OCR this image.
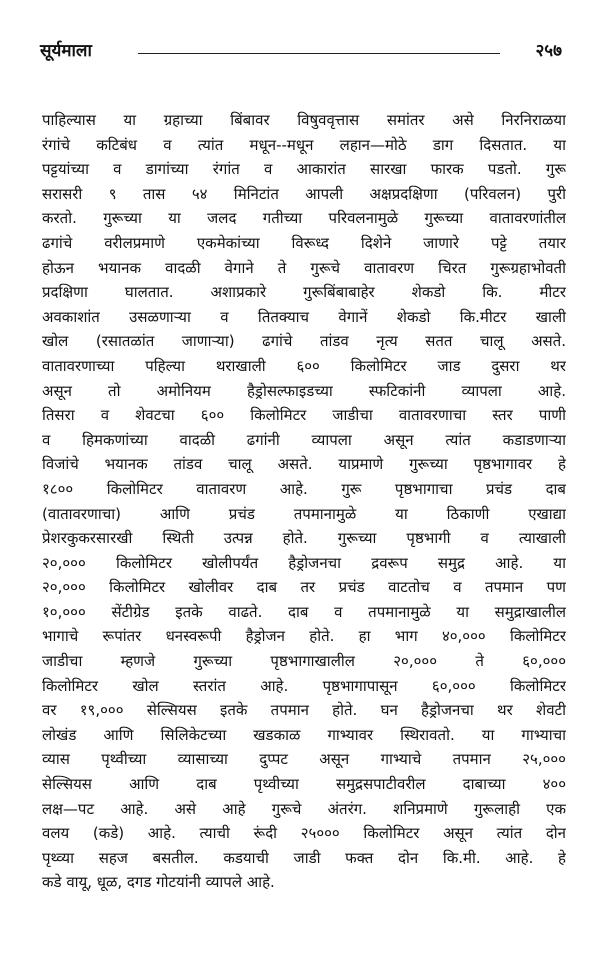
सूर्यमाला	२५७
पाहिल्यास या ग्रहाच्या बिंबावर विषुववृत्तास समांतर असे निरनिराळया
रंगांचे कटिबंध व त्यांत मधून--मधून लहान—मोठे डाग दिसतात. या
पट्टयांच्या व डागांच्या रंगांत व आकारांत सारखा फारक पडतो. गुरू
सरासरी ९ तास ५४ मिनिटांत आपली अक्षप्रदक्षिणा (परिवलन) पुरी
करतो. गुरूच्या या जलद गतीच्या परिवलनामुळे गुरूच्या वातावरणांतील
ढगांचे वरीलप्रमाणे एकमेकांच्या विरूध्द दिशेने जाणारे पट्टे तयार
होऊन भयानक वादळी वेगाने ते गुरूचे वातावरण चिरत गुरूग्रहाभोवती
प्रदक्षिणा घालतात. अशाप्रकारे गुरूबिंबाबाहेर शेकडो कि. मीटर
अवकाशांत उसळणाऱ्या व तितक्याच वेगानें शेकडो कि.मीटर खाली
खोल (रसातळांत जाणाऱ्या) ढगांचे तांडव नृत्य सतत चालू असते.
वातावरणाच्या पहिल्या थराखाली ६०० किलोमिटर जाड दुसरा थर
असून तो अमोनियम हैड्रोसल्फाइडच्या स्फटिकांनी व्यापला आहे.
तिसरा व शेवटचा ६०० किलोमिटर जाडीचा वातावरणाचा स्तर पाणी
व हिमकणांच्या वादळी ढगांनी व्यापला असून त्यांत कडाडणाऱ्या
विजांचे भयानक तांडव चालू असते. याप्रमाणे गुरूच्या पृष्ठभागावर हे
१८०० किलोमिटर वातावरण आहे. गुरू पृष्ठभागाचा प्रचंड दाब
(वातावरणाचा) आणि प्रचंड तपमानामुळे या ठिकाणी एखाद्या
प्रेशरकुकरसारखी स्थिती उत्पन्न होते. गुरूच्या पृष्ठभागी व त्याखाली
२०,००० किलोमिटर खोलीपर्यंत हैड्रोजनचा द्रवरूप समुद्र आहे. या
२०,००० किलोमिटर खोलीवर दाब तर प्रचंड वाटतोच व तपमान पण
१०,००० सेंटीग्रेड इतके वाढते. दाब व तपमानामुळे या समुद्राखालील
भागाचे रूपांतर धनस्वरूपी हैड्रोजन होते. हा भाग ४०,००० किलोमिटर
जाडीचा म्हणजे गुरूच्या पृष्ठभागाखालील २०,००० ते ६०,०००
किलोमिटर खोल स्तरांत आहे. पृष्ठभागापासून ६०,००० किलोमिटर
वर १९,००० सेल्सियस इतके तपमान होते. घन हैड्रोजनचा थर शेवटी
लोखंड आणि सिलिकेटच्या खडकाळ गाभ्यावर स्थिरावतो. या गाभ्याचा
व्यास पृथ्वीच्या व्यासाच्या दुप्पट असून गाभ्याचे तपमान २५,०००
सेल्सियस आणि दाब पृथ्वीच्या समुद्रसपाटीवरील दाबाच्या ४००
लक्ष—पट आहे. असे आहे गुरूचे अंतरंग. शनिप्रमाणे गुरूलाही एक
वलय (कडे) आहे. त्याची रूंदी २५००० किलोमिटर असून त्यांत दोन
पृथ्व्या सहज बसतील. कडयाची जाडी फक्त दोन कि.मी. आहे. हे
कडे वायू, धूळ, दगड गोटयांनी व्यापले आहे.
